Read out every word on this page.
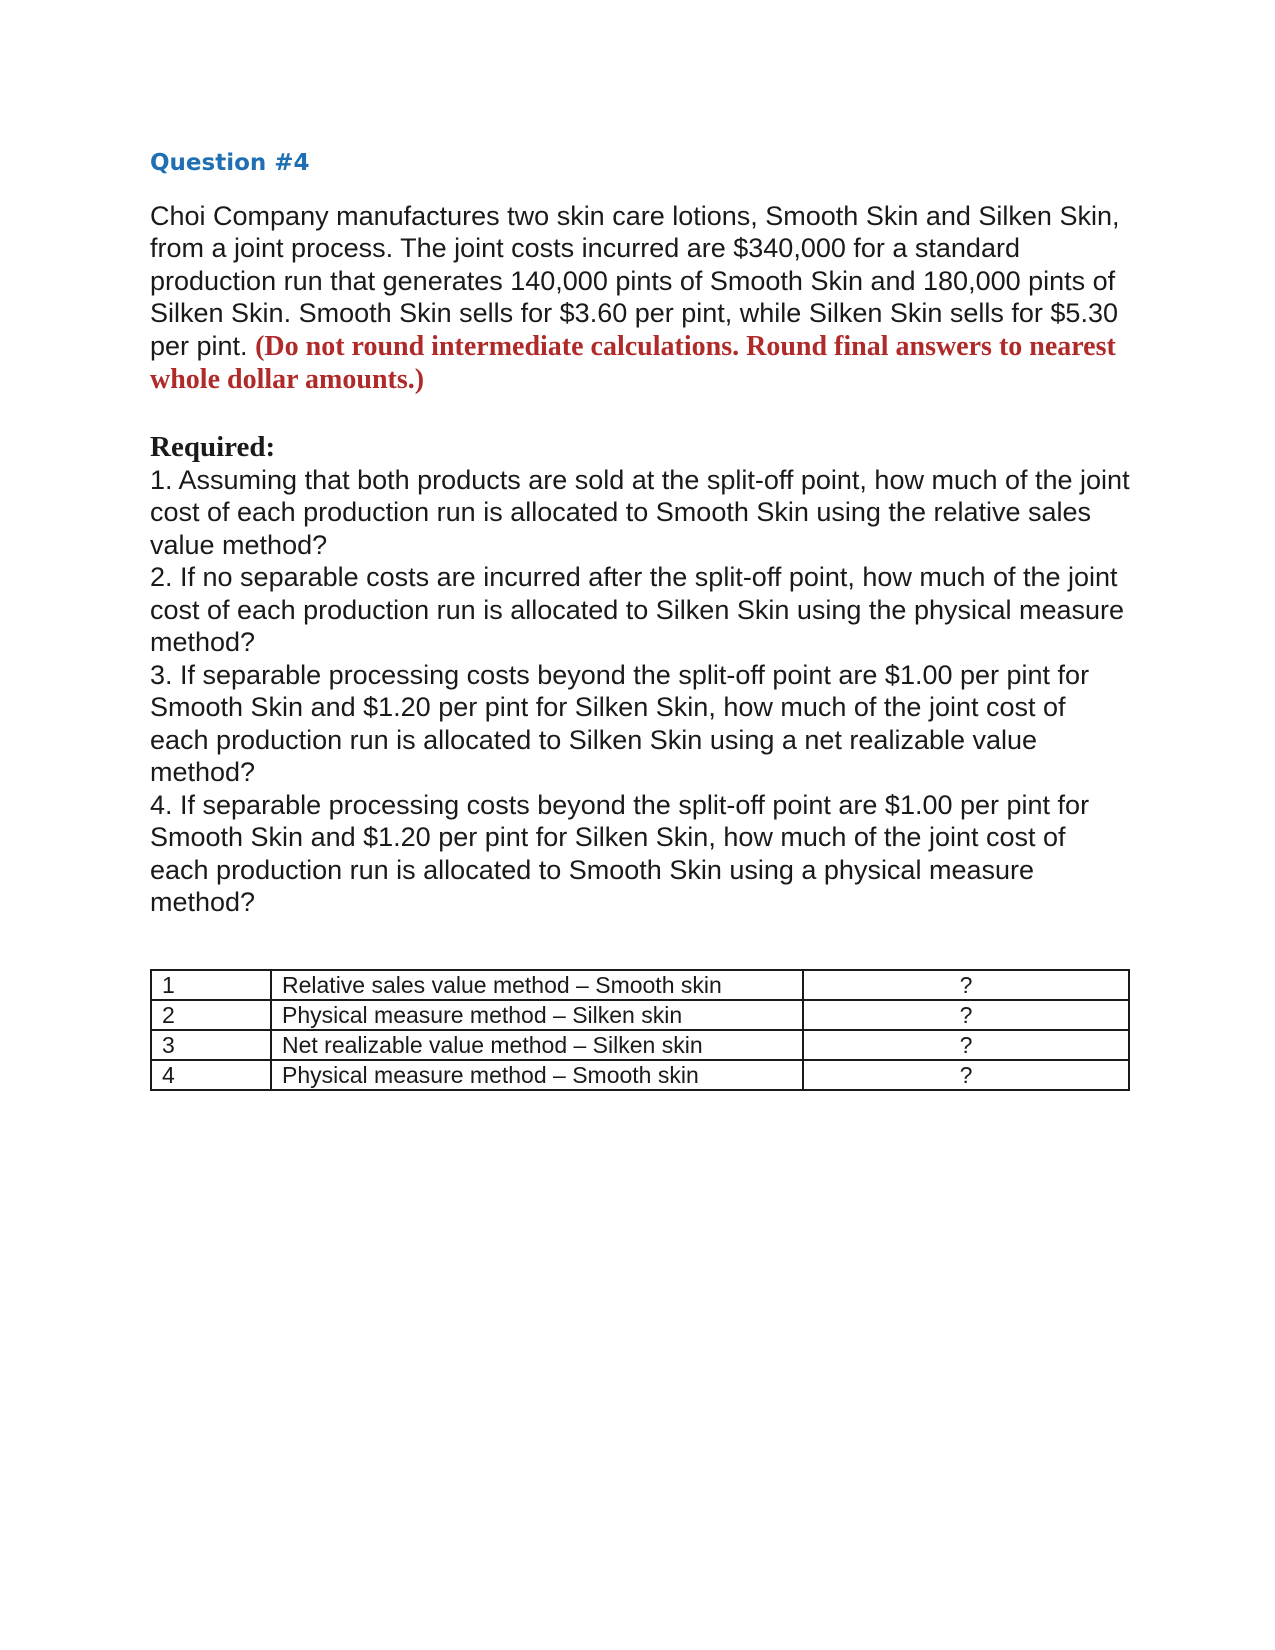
Question #4

Choi Company manufactures two skin care lotions, Smooth Skin and Silken Skin, from a joint process. The joint costs incurred are $340,000 for a standard production run that generates 140,000 pints of Smooth Skin and 180,000 pints of Silken Skin. Smooth Skin sells for $3.60 per pint, while Silken Skin sells for $5.30 per pint. (Do not round intermediate calculations. Round final answers to nearest whole dollar amounts.)

Required:
1. Assuming that both products are sold at the split-off point, how much of the joint cost of each production run is allocated to Smooth Skin using the relative sales value method?
2. If no separable costs are incurred after the split-off point, how much of the joint cost of each production run is allocated to Silken Skin using the physical measure method?
3. If separable processing costs beyond the split-off point are $1.00 per pint for Smooth Skin and $1.20 per pint for Silken Skin, how much of the joint cost of each production run is allocated to Silken Skin using a net realizable value method?
4. If separable processing costs beyond the split-off point are $1.00 per pint for Smooth Skin and $1.20 per pint for Silken Skin, how much of the joint cost of each production run is allocated to Smooth Skin using a physical measure method?
1	Relative sales value method – Smooth skin	?
2	Physical measure method – Silken skin	?
3	Net realizable value method – Silken skin	?
4	Physical measure method – Smooth skin	?
